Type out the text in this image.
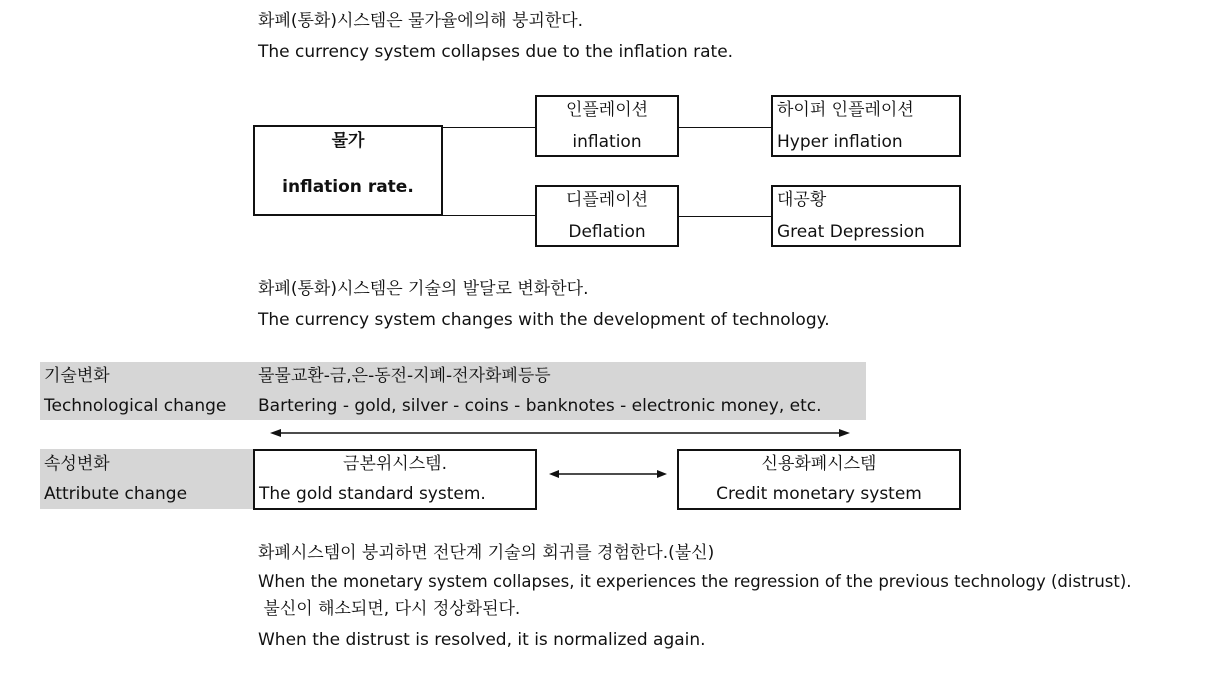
화폐(통화)시스템은 물가율에의해 붕괴한다.
The currency system collapses due to the inflation rate.
물가
inflation rate.
인플레이션
inflation
하이퍼 인플레이션
Hyper inflation
디플레이션
Deflation
대공황
Great Depression
화폐(통화)시스템은 기술의 발달로 변화한다.
The currency system changes with the development of technology.
기술변화
Technological change
물물교환-금,은-동전-지폐-전자화폐등등
Bartering - gold, silver - coins - banknotes - electronic money, etc.
속성변화
Attribute change
금본위시스템.
The gold standard system.
신용화폐시스템
Credit monetary system
화폐시스템이 붕괴하면 전단계 기술의 회귀를 경험한다.(불신)
When the monetary system collapses, it experiences the regression of the previous technology (distrust).
불신이 해소되면, 다시 정상화된다.
When the distrust is resolved, it is normalized again.
